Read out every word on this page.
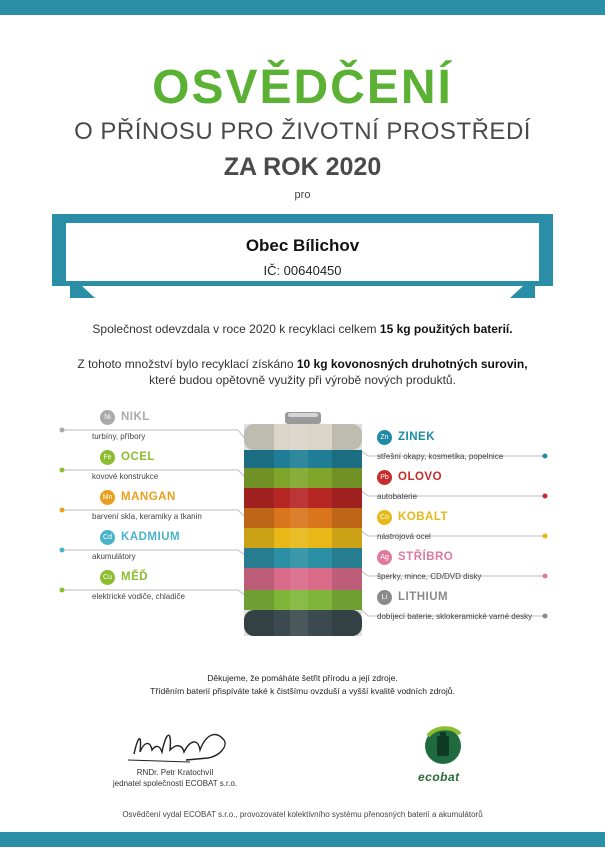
OSVĚDČENÍ
O PŘÍNOSU PRO ŽIVOTNÍ PROSTŘEDÍ
ZA ROK 2020
pro
Obec Bílichov
IČ: 00640450
Společnost odevzdala v roce 2020 k recyklaci celkem 15 kg použitých baterií.
Z tohoto množství bylo recyklací získáno 10 kg kovonosných druhotných surovin,
které budou opětovně využity při výrobě nových produktů.
Ni NIKL
turbíny, příbory
Fe OCEL
kovové konstrukce
Mn MANGAN
barvení skla, keramiky a tkanin
Cd KADMIUM
akumulátory
Cu MĚĎ
elektrické vodiče, chladiče
Zn ZINEK
střešní okapy, kosmetika, popelnice
Pb OLOVO
autobaterie
Co KOBALT
nástrojová ocel
Ag STŘÍBRO
šperky, mince, CD/DVD disky
Li LITHIUM
dobíjecí baterie, sklokeramické varné desky
Děkujeme, že pomáháte šetřit přírodu a její zdroje.
Tříděním baterií přispíváte také k čistšímu ovzduší a vyšší kvalitě vodních zdrojů.
RNDr. Petr Kratochvíl
jednatel společnosti ECOBAT s.r.o.	ecobat
Osvědčení vydal ECOBAT s.r.o., provozovatel kolektivního systému přenosných baterií a akumulátorů
